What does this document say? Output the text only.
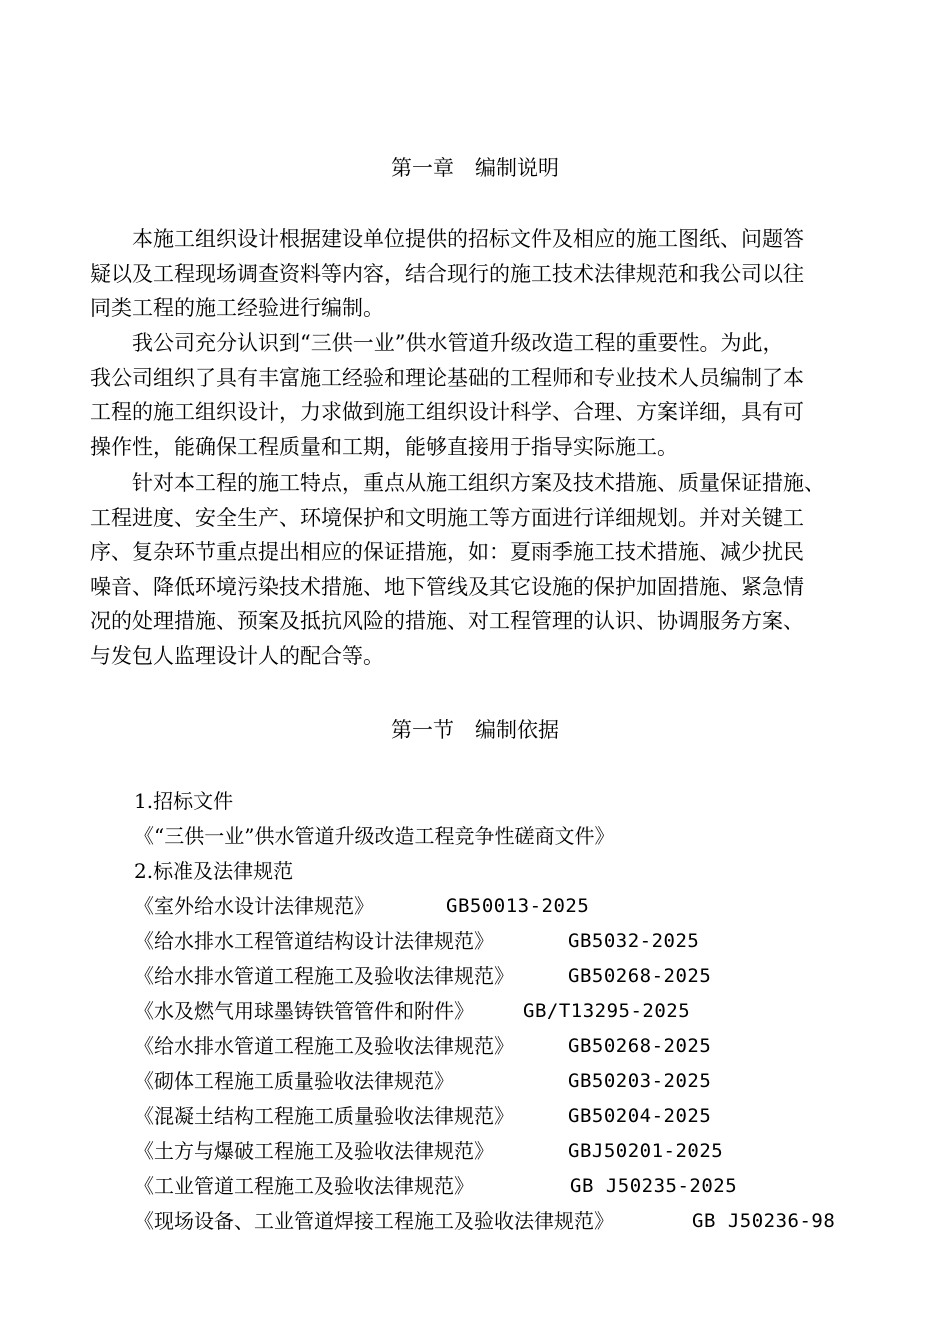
第一章　编制说明
　　本施工组织设计根据建设单位提供的招标文件及相应的施工图纸、问题答
疑以及工程现场调查资料等内容，结合现行的施工技术法律规范和我公司以往
同类工程的施工经验进行编制。
　　我公司充分认识到“三供一业”供水管道升级改造工程的重要性。为此，
我公司组织了具有丰富施工经验和理论基础的工程师和专业技术人员编制了本
工程的施工组织设计，力求做到施工组织设计科学、合理、方案详细，具有可
操作性，能确保工程质量和工期，能够直接用于指导实际施工。
　　针对本工程的施工特点，重点从施工组织方案及技术措施、质量保证措施、
工程进度、安全生产、环境保护和文明施工等方面进行详细规划。并对关键工
序、复杂环节重点提出相应的保证措施，如：夏雨季施工技术措施、减少扰民
噪音、降低环境污染技术措施、地下管线及其它设施的保护加固措施、紧急情
况的处理措施、预案及抵抗风险的措施、对工程管理的认识、协调服务方案、
与发包人监理设计人的配合等。
第一节　编制依据
1.招标文件
《“三供一业”供水管道升级改造工程竞争性磋商文件》
2.标准及法律规范
《室外给水设计法律规范》	GB50013-2025
《给水排水工程管道结构设计法律规范》	GB5032-2025
《给水排水管道工程施工及验收法律规范》	GB50268-2025
《水及燃气用球墨铸铁管管件和附件》	GB/T13295-2025
《给水排水管道工程施工及验收法律规范》	GB50268-2025
《砌体工程施工质量验收法律规范》	GB50203-2025
《混凝土结构工程施工质量验收法律规范》	GB50204-2025
《土方与爆破工程施工及验收法律规范》	GBJ50201-2025
《工业管道工程施工及验收法律规范》	GB J50235-2025
《现场设备、工业管道焊接工程施工及验收法律规范》	GB J50236-98
